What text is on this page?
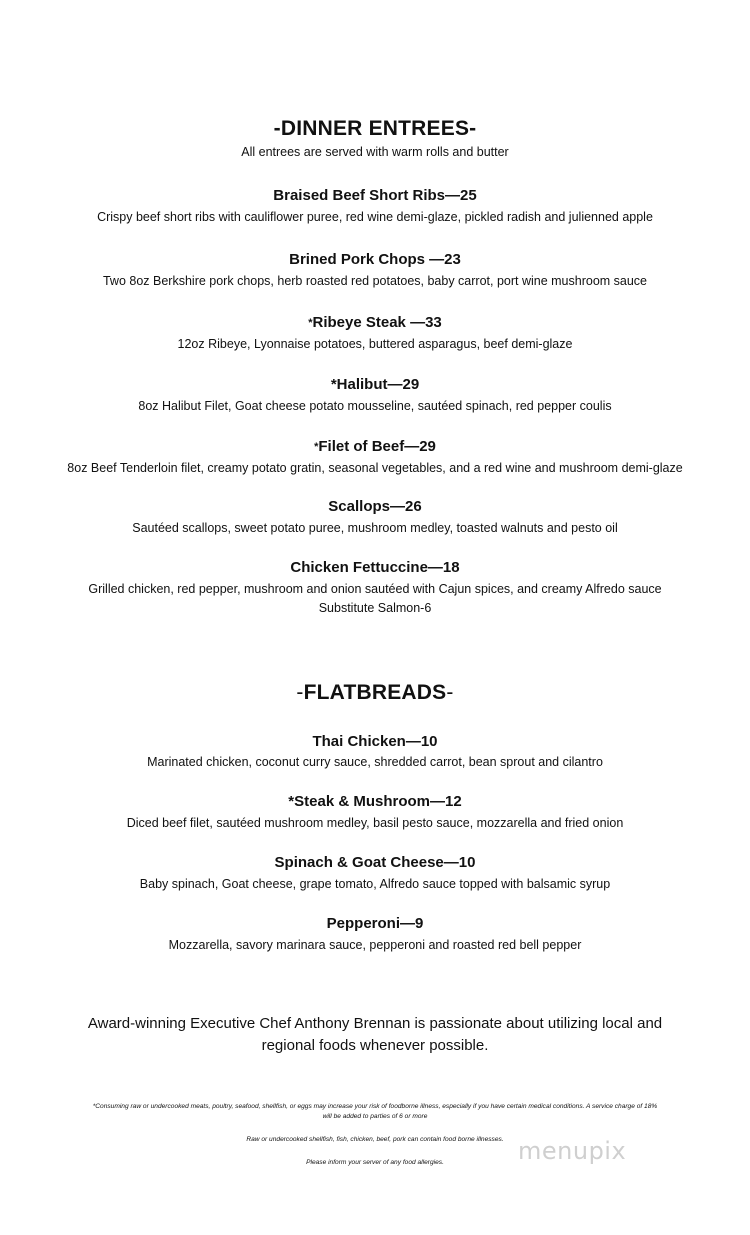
-DINNER ENTREES-
All entrees are served with warm rolls and butter
Braised Beef Short Ribs—25
Crispy beef short ribs with cauliflower puree, red wine demi-glaze, pickled radish and julienned apple
Brined Pork Chops —23
Two 8oz Berkshire pork chops, herb roasted red potatoes, baby carrot, port wine mushroom sauce
*Ribeye Steak —33
12oz Ribeye, Lyonnaise potatoes, buttered asparagus, beef demi-glaze
*Halibut—29
8oz Halibut Filet, Goat cheese potato mousseline, sautéed spinach, red pepper coulis
*Filet of Beef—29
8oz Beef Tenderloin filet, creamy potato gratin, seasonal vegetables, and a red wine and mushroom demi-glaze
Scallops—26
Sautéed scallops, sweet potato puree, mushroom medley, toasted walnuts and pesto oil
Chicken Fettuccine—18
Grilled chicken, red pepper, mushroom and onion sautéed with Cajun spices, and creamy Alfredo sauce
Substitute Salmon-6
-FLATBREADS-
Thai Chicken—10
Marinated chicken, coconut curry sauce, shredded carrot, bean sprout and cilantro
*Steak & Mushroom—12
Diced beef filet, sautéed mushroom medley, basil pesto sauce, mozzarella and fried onion
Spinach & Goat Cheese—10
Baby spinach, Goat cheese, grape tomato, Alfredo sauce topped with balsamic syrup
Pepperoni—9
Mozzarella, savory marinara sauce, pepperoni and roasted red bell pepper
Award-winning Executive Chef Anthony Brennan is passionate about utilizing local and
regional foods whenever possible.
*Consuming raw or undercooked meats, poultry, seafood, shellfish, or eggs may increase your risk of foodborne illness, especially if you have certain medical conditions. A service charge of 18%
will be added to parties of 6 or more
Raw or undercooked shellfish, fish, chicken, beef, pork can contain food borne illnesses.
Please inform your server of any food allergies.	menupix
